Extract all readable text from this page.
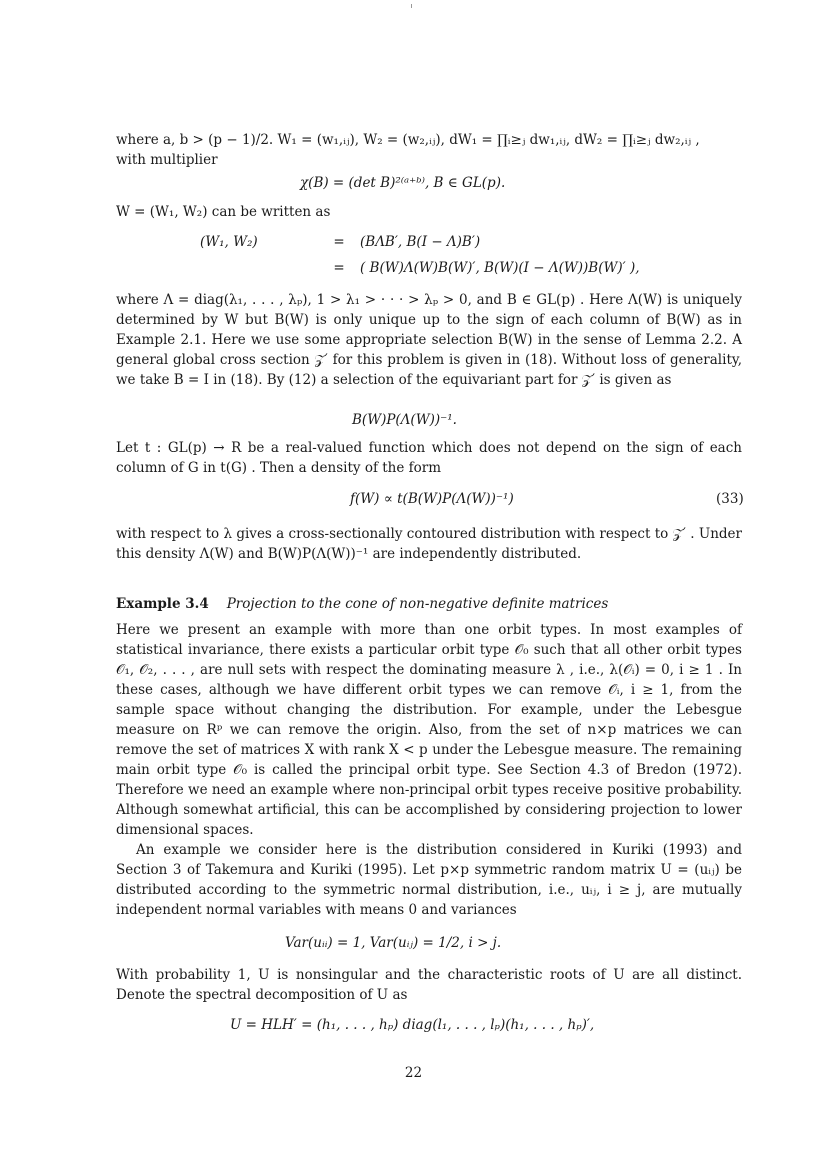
where a, b > (p − 1)/2. W₁ = (w₁,ᵢⱼ), W₂ = (w₂,ᵢⱼ), dW₁ = ∏ᵢ≥ⱼ dw₁,ᵢⱼ, dW₂ = ∏ᵢ≥ⱼ dw₂,ᵢⱼ ,

with multiplier

χ(B) = (det B)²⁽ᵃ⁺ᵇ⁾, B ∈ GL(p).

W = (W₁, W₂) can be written as

(W₁, W₂)	=	(BΛB′, B(I − Λ)B′)
=	( B(W)Λ(W)B(W)′, B(W)(I − Λ(W))B(W)′ ),

where Λ = diag(λ₁, . . . , λₚ), 1 > λ₁ > · · · > λₚ > 0, and B ∈ GL(p) . Here Λ(W) is uniquely determined by W but B(W) is only unique up to the sign of each column of B(W) as in Example 2.1. Here we use some appropriate selection B(W) in the sense of Lemma 2.2. A general global cross section 𝒵′ for this problem is given in (18). Without loss of generality, we take B = I in (18). By (12) a selection of the equivariant part for 𝒵′ is given as

B(W)P(Λ(W))⁻¹.

Let t : GL(p) → R be a real-valued function which does not depend on the sign of each column of G in t(G) . Then a density of the form

f(W) ∝ t(B(W)P(Λ(W))⁻¹)	(33)

with respect to λ gives a cross-sectionally contoured distribution with respect to 𝒵′ . Under this density Λ(W) and B(W)P(Λ(W))⁻¹ are independently distributed.

Example 3.4 Projection to the cone of non-negative definite matrices

Here we present an example with more than one orbit types. In most examples of statistical invariance, there exists a particular orbit type 𝒪₀ such that all other orbit types 𝒪₁, 𝒪₂, . . . , are null sets with respect the dominating measure λ , i.e., λ(𝒪ᵢ) = 0, i ≥ 1 . In these cases, although we have different orbit types we can remove 𝒪ᵢ, i ≥ 1, from the sample space without changing the distribution. For example, under the Lebesgue measure on Rᵖ we can remove the origin. Also, from the set of n×p matrices we can remove the set of matrices X with rank X < p under the Lebesgue measure. The remaining main orbit type 𝒪₀ is called the principal orbit type. See Section 4.3 of Bredon (1972). Therefore we need an example where non-principal orbit types receive positive probability. Although somewhat artificial, this can be accomplished by considering projection to lower dimensional spaces.

An example we consider here is the distribution considered in Kuriki (1993) and Section 3 of Takemura and Kuriki (1995). Let p×p symmetric random matrix U = (uᵢⱼ) be distributed according to the symmetric normal distribution, i.e., uᵢⱼ, i ≥ j, are mutually independent normal variables with means 0 and variances

Var(uᵢᵢ) = 1, Var(uᵢⱼ) = 1/2, i > j.

With probability 1, U is nonsingular and the characteristic roots of U are all distinct. Denote the spectral decomposition of U as

U = HLH′ = (h₁, . . . , hₚ) diag(l₁, . . . , lₚ)(h₁, . . . , hₚ)′,

22
